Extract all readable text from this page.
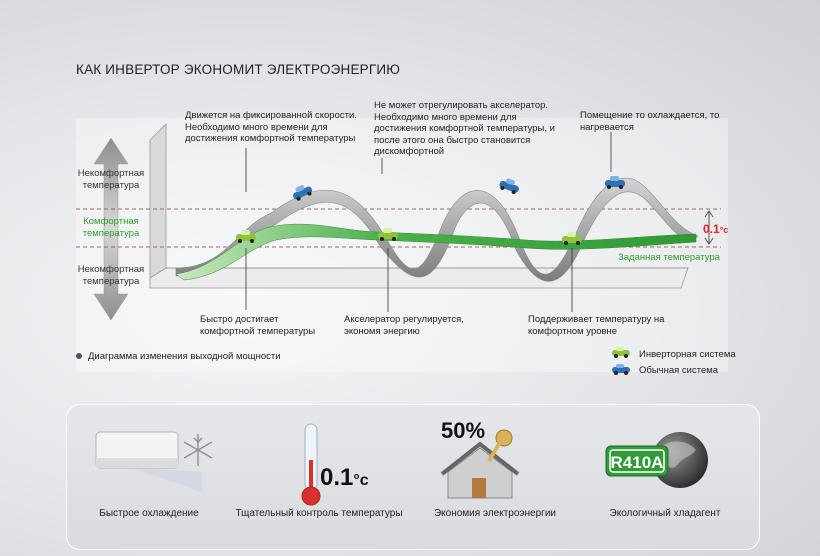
КАК ИНВЕРТОР ЭКОНОМИТ ЭЛЕКТРОЭНЕРГИЮ
Некомфортная температура
Комфортная температура
Некомфортная температура
Движется на фиксированной скорости. Необходимо много времени для достижения комфортной температуры
Не может отрегулировать акселератор. Необходимо много времени для достижения комфортной температуры, и после этого она быстро становится дискомфортной
Помещение то охлаждается, то нагревается
Быстро достигает комфортной температуры
Акселератор регулируется, экономя энергию
Поддерживает температуру на комфортном уровне
Диаграмма изменения выходной мощности
0.1°c
Заданная температура
Инверторная система
Обычная система
0.1°c
50%
R410A
Быстрое охлаждение	Тщательный контроль температуры	Экономия электроэнергии	Экологичный хладагент
